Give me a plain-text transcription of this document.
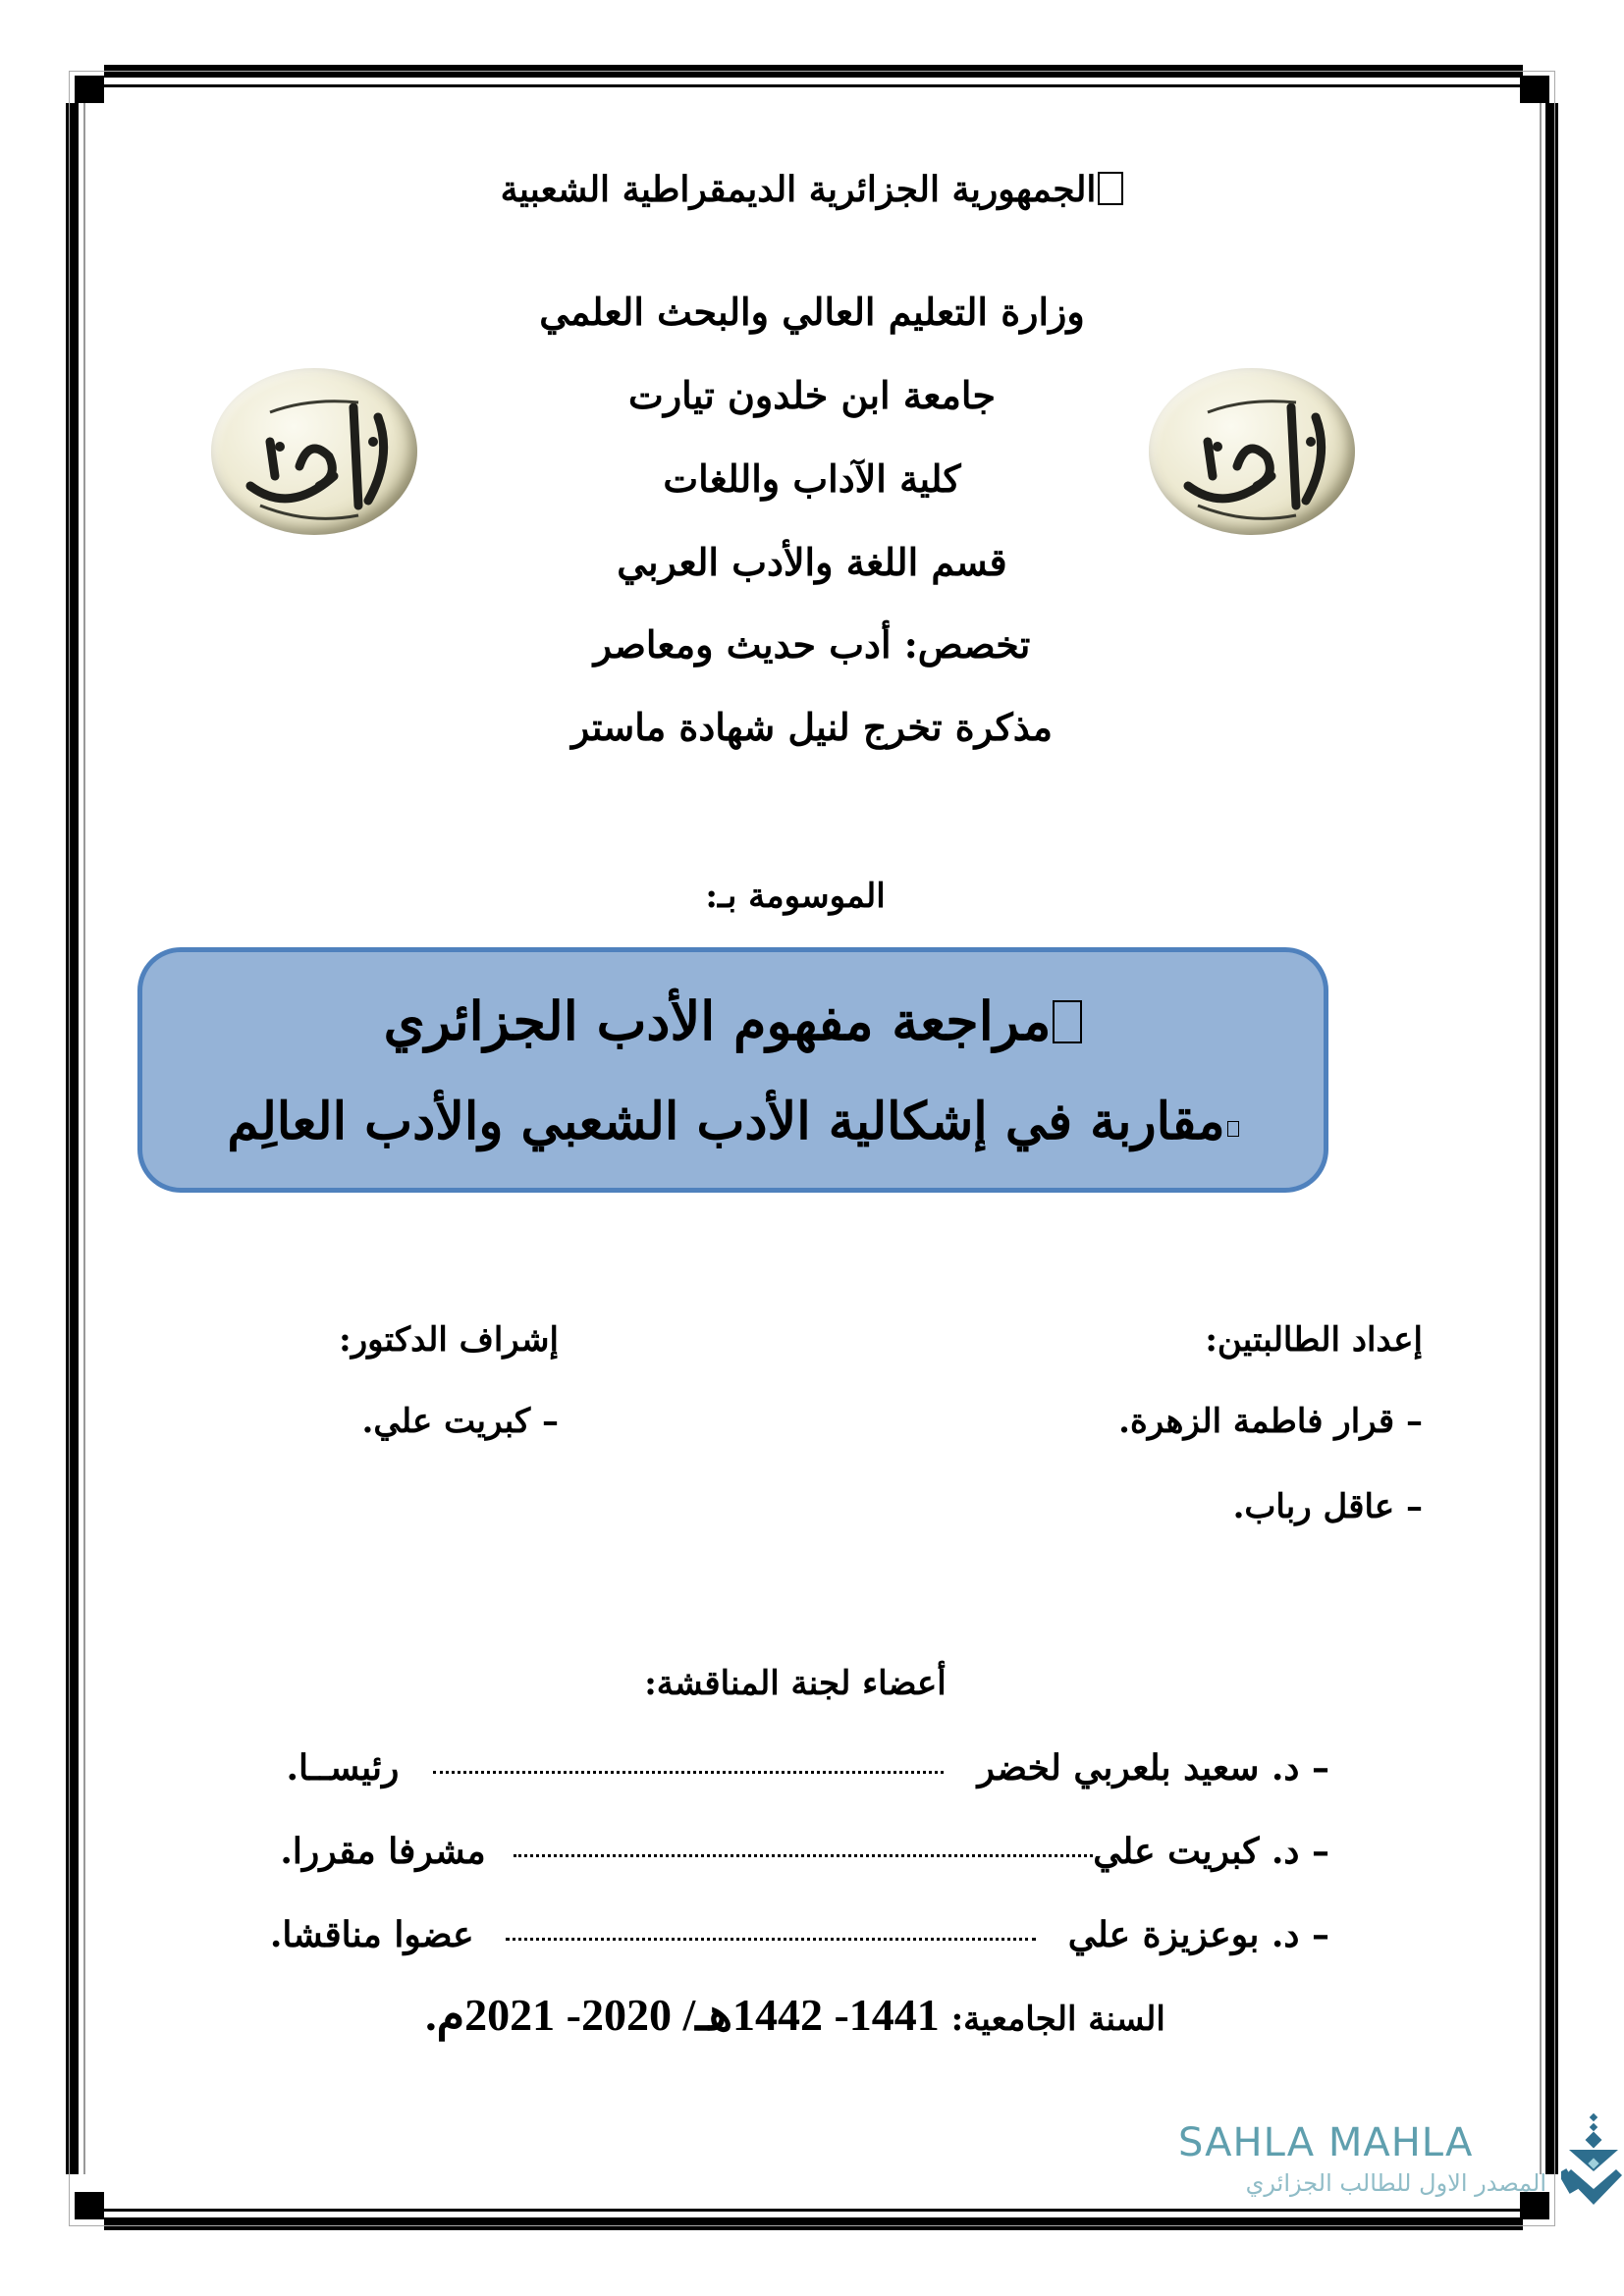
الجمهورية الجزائرية الديمقراطية الشعبية
وزارة التعليم العالي والبحث العلمي
جامعة ابن خلدون تيارت
كلية الآداب واللغات
قسم اللغة والأدب العربي
تخصص: أدب حديث ومعاصر
مذكرة تخرج لنيل شهادة ماستر
الموسومة بـ:
مراجعة مفهوم الأدب الجزائري
مقاربة في إشكالية الأدب الشعبي والأدب العالِم
إعداد الطالبتين:
– قرار فاطمة الزهرة.
– عاقل رباب.
إشراف الدكتور:
– كبريت علي.
أعضاء لجنة المناقشة:
– د. سعيد بلعربي لخضر  رئيســا.
– د. كبريت علي مشرفا مقررا.
– د. بوعزيزة علي  عضوا مناقشا.
السنة الجامعية: 1441- 1442هـ/ 2020- 2021م.
SAHLA MAHLA
المصدر الاول للطالب الجزائري
